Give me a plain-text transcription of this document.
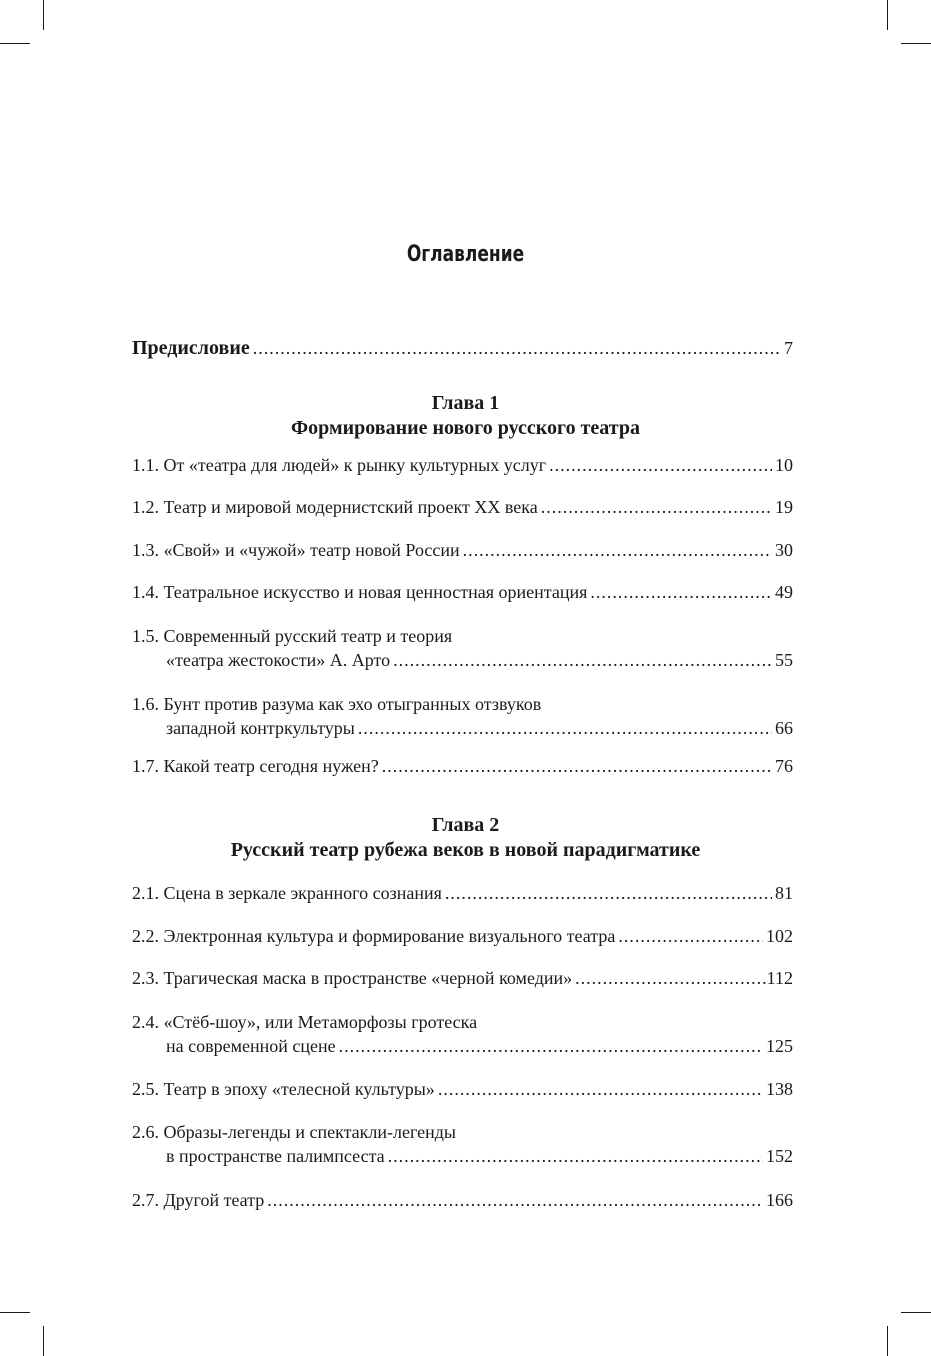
Оглавление
Предисловие .....	7
Глава 1
Формирование нового русского театра
1.1. От «театра для людей» к рынку культурных услуг .....	10
1.2. Театр и мировой модернистский проект XX века .....	19
1.3. «Свой» и «чужой» театр новой России .....	30
1.4. Театральное искусство и новая ценностная ориентация .....	49
1.5. Современный русский театр и теория
«театра жестокости» А. Арто .....	55
1.6. Бунт против разума как эхо отыгранных отзвуков
западной контркультуры .....	66
1.7. Какой театр сегодня нужен? .....	76
Глава 2
Русский театр рубежа веков в новой парадигматике
2.1. Сцена в зеркале экранного сознания .....	81
2.2. Электронная культура и формирование визуального театра .....	102
2.3. Трагическая маска в пространстве «черной комедии» .....	112
2.4. «Стёб-шоу», или Метаморфозы гротеска
на современной сцене .....	125
2.5. Театр в эпоху «телесной культуры» .....	138
2.6. Образы-легенды и спектакли-легенды
в пространстве палимпсеста .....	152
2.7. Другой театр .....	166
